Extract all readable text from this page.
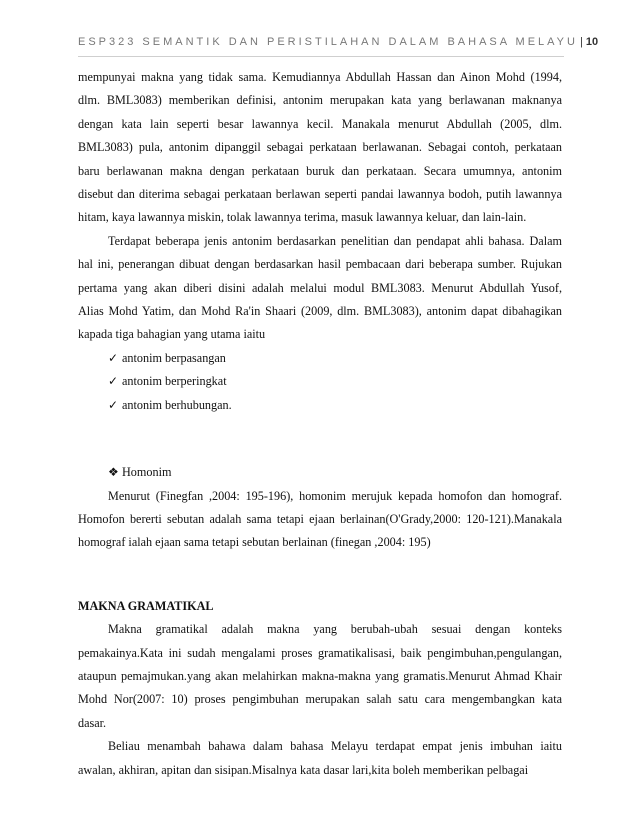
ESP323 SEMANTIK DAN PERISTILAHAN DALAM BAHASA MELAYU | 10

mempunyai makna yang tidak sama. Kemudiannya Abdullah Hassan dan Ainon Mohd (1994,

dlm. BML3083) memberikan definisi, antonim merupakan kata yang berlawanan maknanya

dengan kata lain seperti besar lawannya kecil. Manakala menurut Abdullah (2005, dlm.

BML3083) pula, antonim dipanggil sebagai perkataan berlawanan. Sebagai contoh, perkataan

baru berlawanan makna dengan perkataan buruk dan perkataan. Secara umumnya, antonim

disebut dan diterima sebagai perkataan berlawan seperti pandai lawannya bodoh, putih lawannya

hitam, kaya lawannya miskin, tolak lawannya terima, masuk lawannya keluar, dan lain-lain.

Terdapat beberapa jenis antonim berdasarkan penelitian dan pendapat ahli bahasa. Dalam

hal ini, penerangan dibuat dengan berdasarkan hasil pembacaan dari beberapa sumber. Rujukan

pertama yang akan diberi disini adalah melalui modul BML3083. Menurut Abdullah Yusof,

Alias Mohd Yatim, dan Mohd Ra'in Shaari (2009, dlm. BML3083), antonim dapat dibahagikan

kapada tiga bahagian yang utama iaitu

✓ antonim berpasangan
✓ antonim berperingkat
✓ antonim berhubungan.
❖ Homonim

Menurut (Finegfan ,2004: 195-196), homonim merujuk kepada homofon dan homograf.

Homofon bererti sebutan adalah sama tetapi ejaan berlainan(O'Grady,2000: 120-121).Manakala

homograf ialah ejaan sama tetapi sebutan berlainan (finegan ,2004: 195)

MAKNA GRAMATIKAL

Makna gramatikal adalah makna yang berubah-ubah sesuai dengan konteks

pemakainya.Kata ini sudah mengalami proses gramatikalisasi, baik pengimbuhan,pengulangan,

ataupun pemajmukan.yang akan melahirkan makna-makna yang gramatis.Menurut Ahmad Khair

Mohd Nor(2007: 10) proses pengimbuhan merupakan salah satu cara mengembangkan kata

dasar.

Beliau menambah bahawa dalam bahasa Melayu terdapat empat jenis imbuhan iaitu

awalan, akhiran, apitan dan sisipan.Misalnya kata dasar lari,kita boleh memberikan pelbagai
